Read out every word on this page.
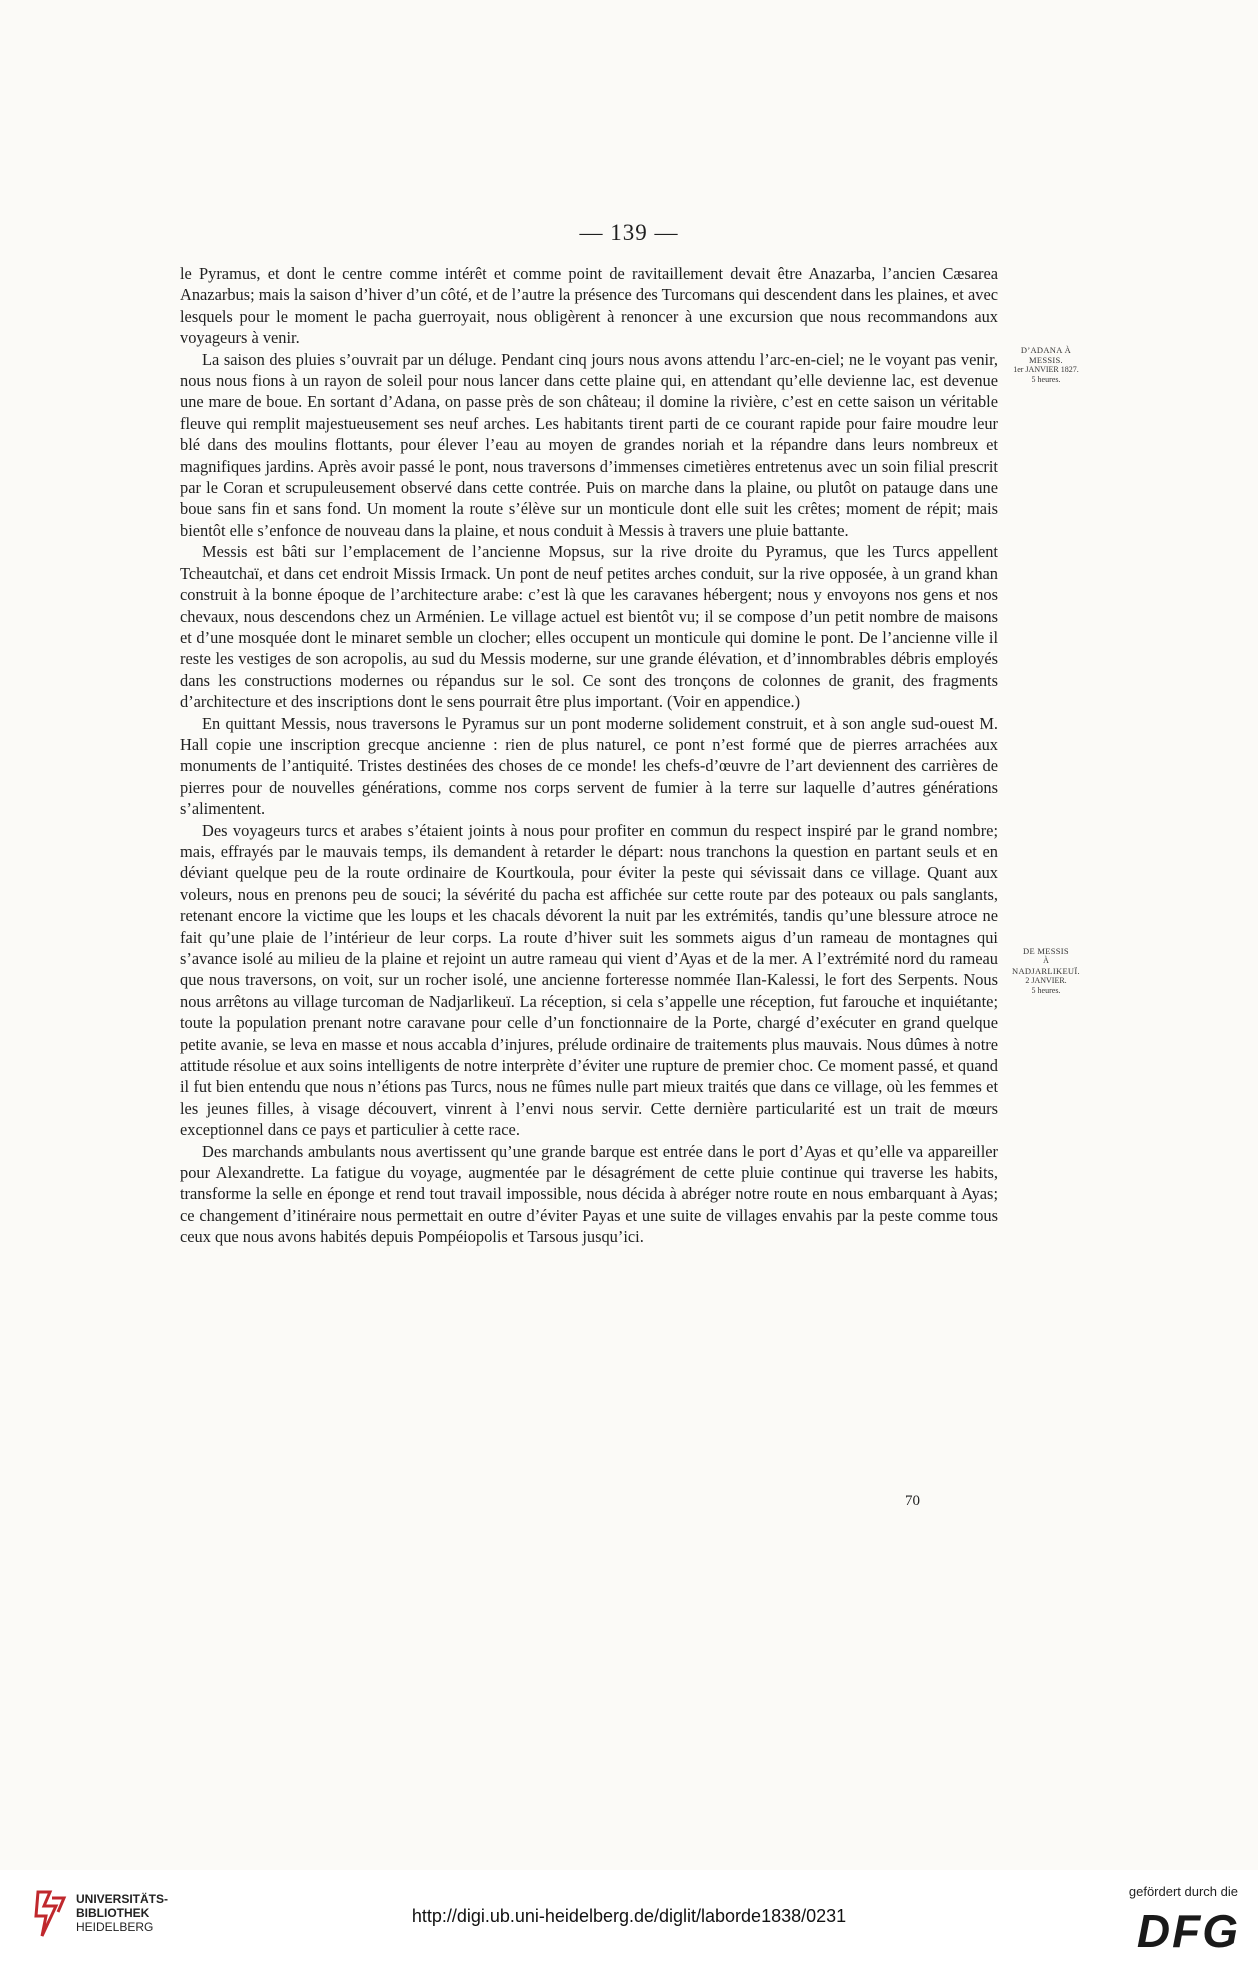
— 139 —

le Pyramus, et dont le centre comme intérêt et comme point de ravitaillement devait être Anazarba, l’ancien Cæsarea Anazarbus; mais la saison d’hiver d’un côté, et de l’autre la présence des Turcomans qui descendent dans les plaines, et avec lesquels pour le moment le pacha guerroyait, nous obligèrent à renoncer à une excursion que nous recommandons aux voyageurs à venir.

La saison des pluies s’ouvrait par un déluge. Pendant cinq jours nous avons attendu l’arc-en-ciel; ne le voyant pas venir, nous nous fions à un rayon de soleil pour nous lancer dans cette plaine qui, en attendant qu’elle devienne lac, est devenue une mare de boue. En sortant d’Adana, on passe près de son château; il domine la rivière, c’est en cette saison un véritable fleuve qui remplit majestueusement ses neuf arches. Les habitants tirent parti de ce courant rapide pour faire moudre leur blé dans des moulins flottants, pour élever l’eau au moyen de grandes noriah et la répandre dans leurs nombreux et magnifiques jardins. Après avoir passé le pont, nous traversons d’immenses cimetières entretenus avec un soin filial prescrit par le Coran et scrupuleusement observé dans cette contrée. Puis on marche dans la plaine, ou plutôt on patauge dans une boue sans fin et sans fond. Un moment la route s’élève sur un monticule dont elle suit les crêtes; moment de répit; mais bientôt elle s’enfonce de nouveau dans la plaine, et nous conduit à Messis à travers une pluie battante.

Messis est bâti sur l’emplacement de l’ancienne Mopsus, sur la rive droite du Pyramus, que les Turcs appellent Tcheautchaï, et dans cet endroit Missis Irmack. Un pont de neuf petites arches conduit, sur la rive opposée, à un grand khan construit à la bonne époque de l’architecture arabe: c’est là que les caravanes hébergent; nous y envoyons nos gens et nos chevaux, nous descendons chez un Arménien. Le village actuel est bientôt vu; il se compose d’un petit nombre de maisons et d’une mosquée dont le minaret semble un clocher; elles occupent un monticule qui domine le pont. De l’ancienne ville il reste les vestiges de son acropolis, au sud du Messis moderne, sur une grande élévation, et d’innombrables débris employés dans les constructions modernes ou répandus sur le sol. Ce sont des tronçons de colonnes de granit, des fragments d’architecture et des inscriptions dont le sens pourrait être plus important. (Voir en appendice.)

En quittant Messis, nous traversons le Pyramus sur un pont moderne solidement construit, et à son angle sud-ouest M. Hall copie une inscription grecque ancienne : rien de plus naturel, ce pont n’est formé que de pierres arrachées aux monuments de l’antiquité. Tristes destinées des choses de ce monde! les chefs-d’œuvre de l’art deviennent des carrières de pierres pour de nouvelles générations, comme nos corps servent de fumier à la terre sur laquelle d’autres générations s’alimentent.

Des voyageurs turcs et arabes s’étaient joints à nous pour profiter en commun du respect inspiré par le grand nombre; mais, effrayés par le mauvais temps, ils demandent à retarder le départ: nous tranchons la question en partant seuls et en déviant quelque peu de la route ordinaire de Kourtkoula, pour éviter la peste qui sévissait dans ce village. Quant aux voleurs, nous en prenons peu de souci; la sévérité du pacha est affichée sur cette route par des poteaux ou pals sanglants, retenant encore la victime que les loups et les chacals dévorent la nuit par les extrémités, tandis qu’une blessure atroce ne fait qu’une plaie de l’intérieur de leur corps. La route d’hiver suit les sommets aigus d’un rameau de montagnes qui s’avance isolé au milieu de la plaine et rejoint un autre rameau qui vient d’Ayas et de la mer. A l’extrémité nord du rameau que nous traversons, on voit, sur un rocher isolé, une ancienne forteresse nommée Ilan-Kalessi, le fort des Serpents. Nous nous arrêtons au village turcoman de Nadjarlikeuï. La réception, si cela s’appelle une réception, fut farouche et inquiétante; toute la population prenant notre caravane pour celle d’un fonctionnaire de la Porte, chargé d’exécuter en grand quelque petite avanie, se leva en masse et nous accabla d’injures, prélude ordinaire de traitements plus mauvais. Nous dûmes à notre attitude résolue et aux soins intelligents de notre interprète d’éviter une rupture de premier choc. Ce moment passé, et quand il fut bien entendu que nous n’étions pas Turcs, nous ne fûmes nulle part mieux traités que dans ce village, où les femmes et les jeunes filles, à visage découvert, vinrent à l’envi nous servir. Cette dernière particularité est un trait de mœurs exceptionnel dans ce pays et particulier à cette race.

Des marchands ambulants nous avertissent qu’une grande barque est entrée dans le port d’Ayas et qu’elle va appareiller pour Alexandrette. La fatigue du voyage, augmentée par le désagrément de cette pluie continue qui traverse les habits, transforme la selle en éponge et rend tout travail impossible, nous décida à abréger notre route en nous embarquant à Ayas; ce changement d’itinéraire nous permettait en outre d’éviter Payas et une suite de villages envahis par la peste comme tous ceux que nous avons habités depuis Pompéiopolis et Tarsous jusqu’ici.

D’ADANA À MESSIS.
1er JANVIER 1827.
5 heures.
DE MESSIS
À
NADJARLIKEUÏ.
2 JANVIER.
5 heures.
70
UNIVERSITÄTS-
BIBLIOTHEK
HEIDELBERG
http://digi.ub.uni-heidelberg.de/diglit/laborde1838/0231
gefördert durch die
DFG
